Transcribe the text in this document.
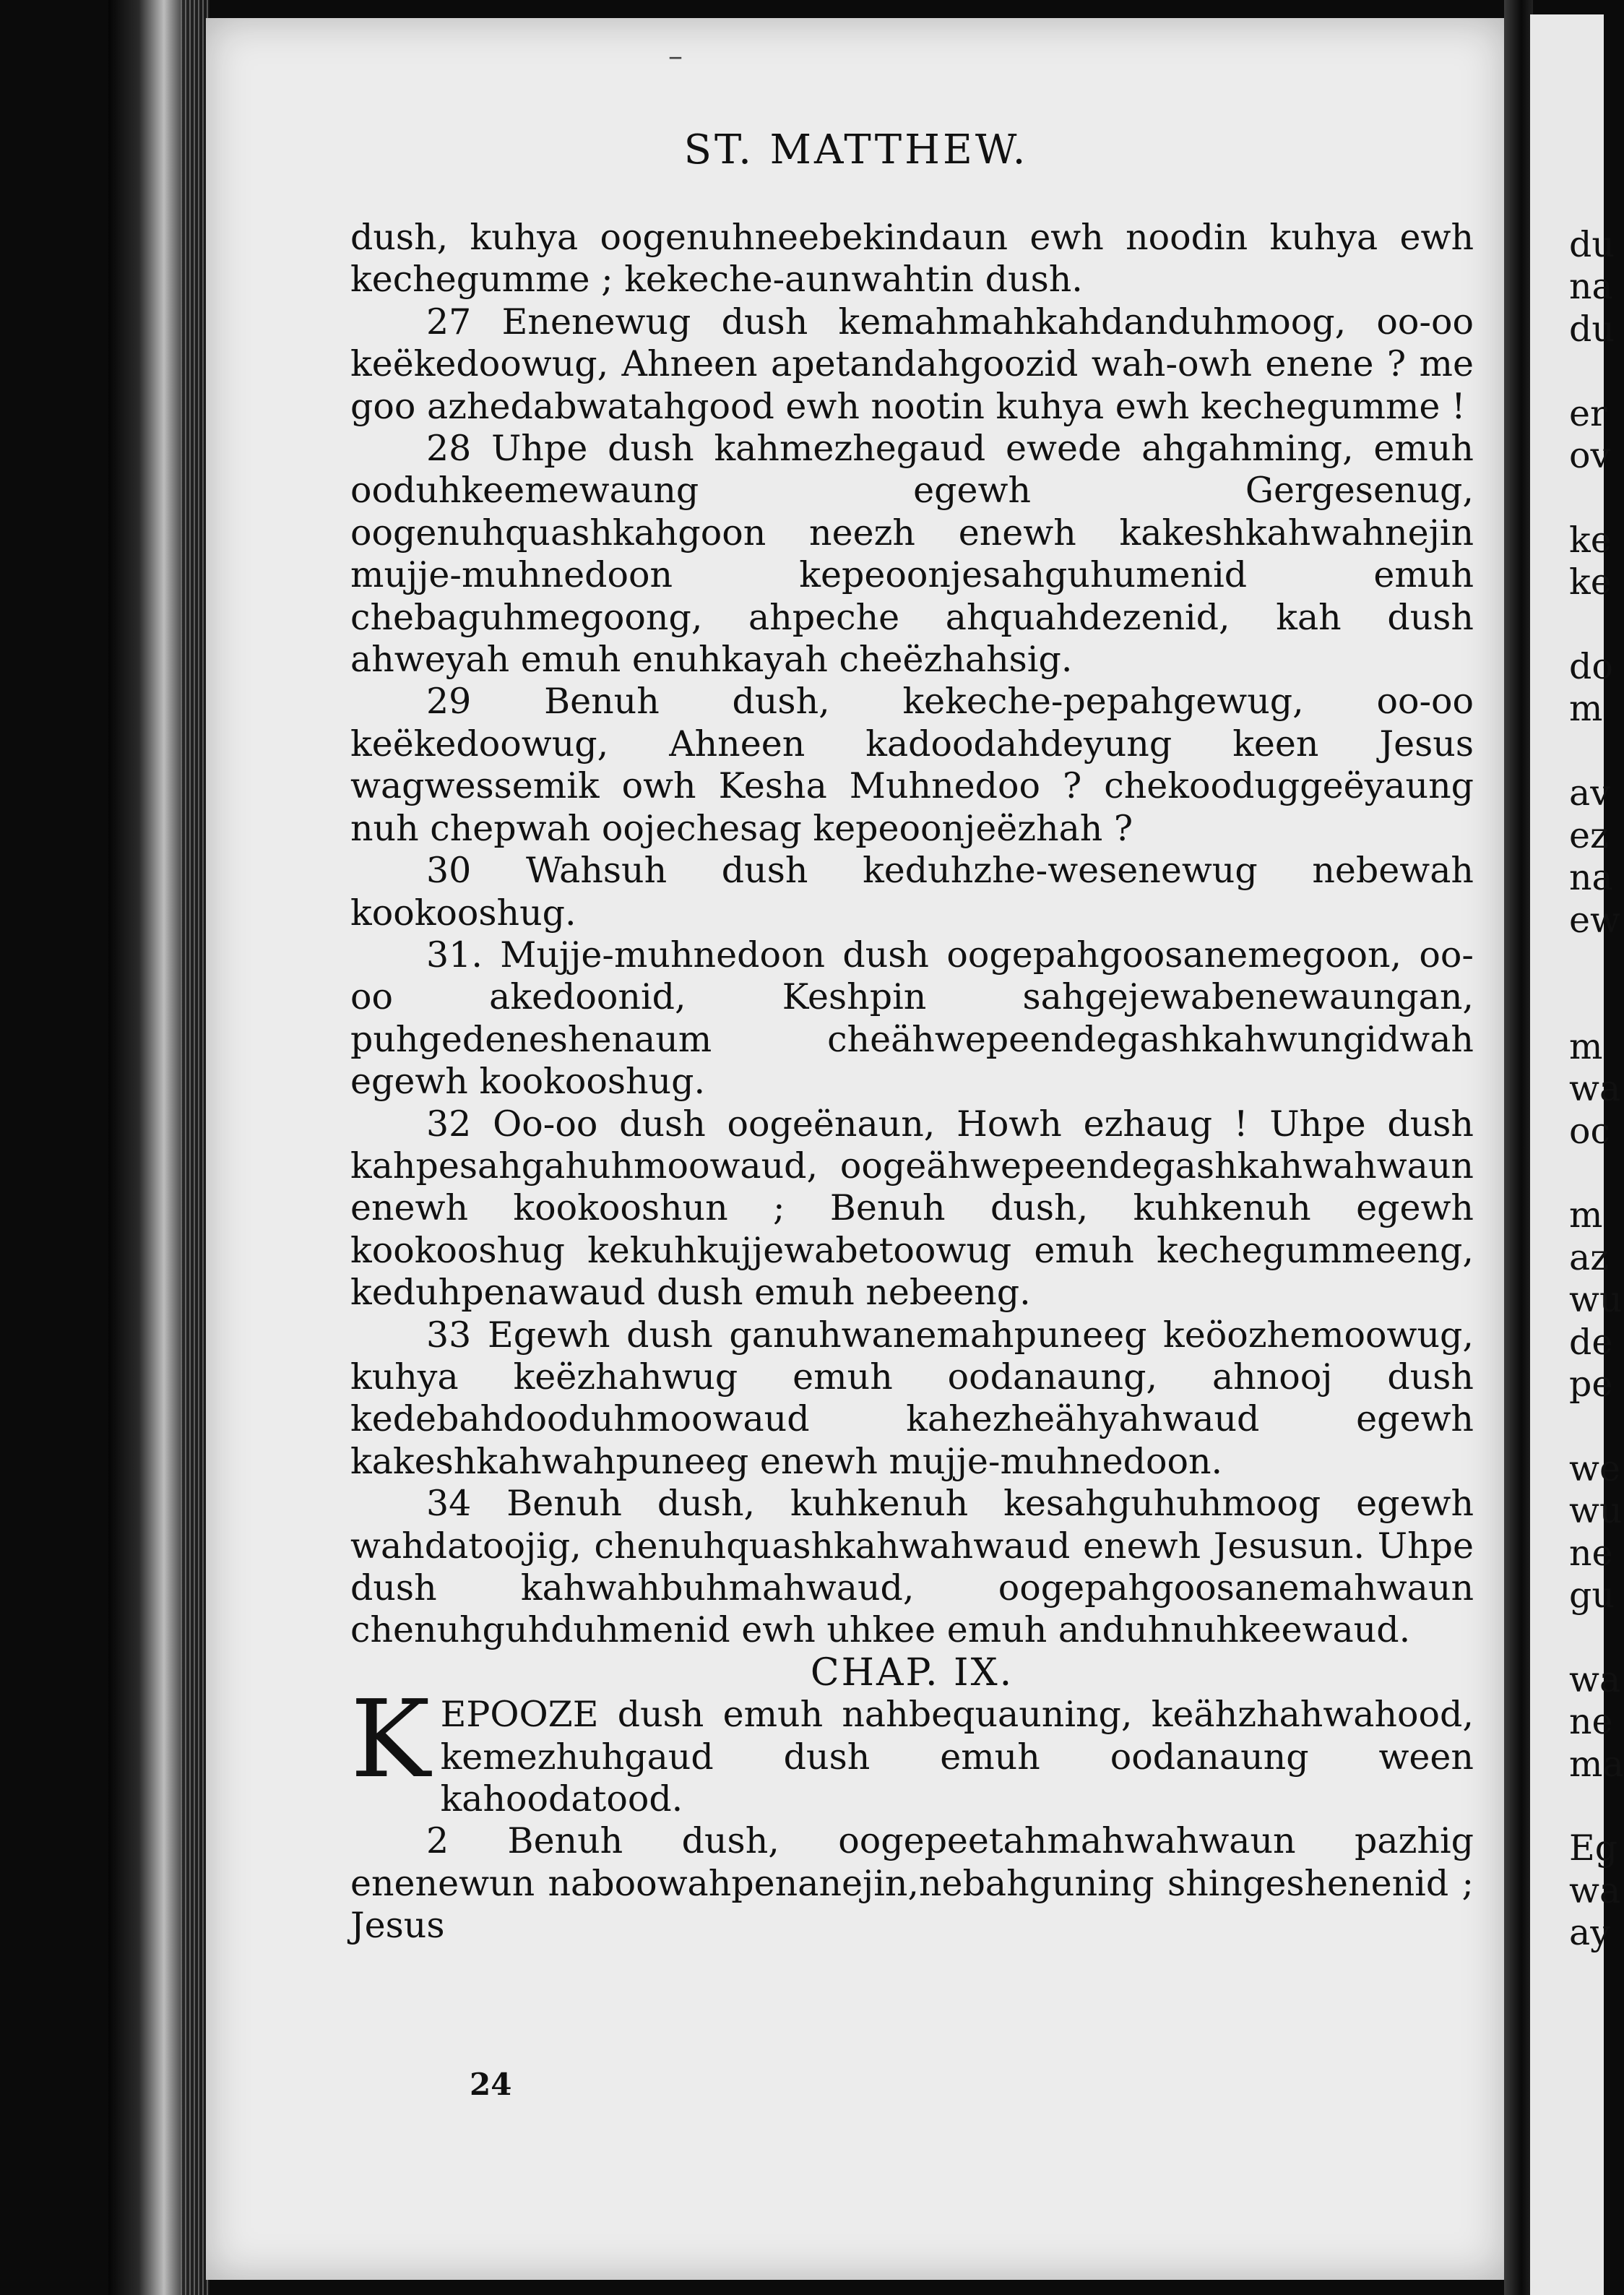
–
ST. MATTHEW.

dush, kuhya oogenuhneebekindaun ewh noodin kuhya ewh kechegumme ; kekeche-aunwahtin dush.

27 Enenewug dush kemahmahkahdanduhmoog, oo-oo keëkedoowug, Ahneen apetandahgoozid wah-owh enene ? me goo azhedabwatahgood ewh nootin kuhya ewh kechegumme !

28 Uhpe dush kahmezhegaud ewede ahgahming, emuh ooduhkeemewaung egewh Gergesenug, oogenuhquashkahgoon neezh enewh kakeshkahwahnejin mujje-muhnedoon kepeoonjesahguhumenid emuh chebaguhmegoong, ahpeche ahquahdezenid, kah dush ahweyah emuh enuhkayah cheëzhahsig.

29 Benuh dush, kekeche-pepahgewug, oo-oo keëkedoowug, Ahneen kadoodahdeyung keen Jesus wagwessemik owh Kesha Muhnedoo ? chekooduggeëyaung nuh chepwah oojechesag kepeoonjeëzhah ?

30 Wahsuh dush keduhzhe-wesenewug nebewah kookooshug.

31. Mujje-muhnedoon dush oogepahgoosanemegoon, oo-oo akedoonid, Keshpin sahgejewabenewaungan, puhgedeneshenaum cheähwepeendegashkahwungidwah egewh kookooshug.

32 Oo-oo dush oogeënaun, Howh ezhaug ! Uhpe dush kahpesahgahuhmoowaud, oogeähwepeendegashkahwahwaun enewh kookooshun ; Benuh dush, kuhkenuh egewh kookooshug kekuhkujjewabetoowug emuh kechegummeeng, keduhpenawaud dush emuh nebeeng.

33 Egewh dush ganuhwanemahpuneeg keöozhemoowug, kuhya keëzhahwug emuh oodanaung, ahnooj dush kedebahdooduhmoowaud kahezheähyahwaud egewh kakeshkahwahpuneeg enewh mujje-muhnedoon.

34 Benuh dush, kuhkenuh kesahguhuhmoog egewh wahdatoojig, chenuhquashkahwahwaud enewh Jesusun. Uhpe dush kahwahbuhmahwaud, oogepahgoosanemahwaun chenuhguhduhmenid ewh uhkee emuh anduhnuhkeewaud.

CHAP. IX.

KEPOOZE dush emuh nahbequauning, keähzhahwahood, kemezhuhgaud dush emuh oodanaung ween kahoodatood.

2 Benuh dush, oogepeetahmahwahwaun pazhig enenewun naboowahpenanejin,nebahguning shingeshenenid ; Jesus

24
du
na
du

er
ov

ke
ke

do
m

av
ez
na
ew

m
wa
oc

m
az
wu
de
pe

we
wu
ne
gu

wa
ne
ma

Eg
wa
ay
